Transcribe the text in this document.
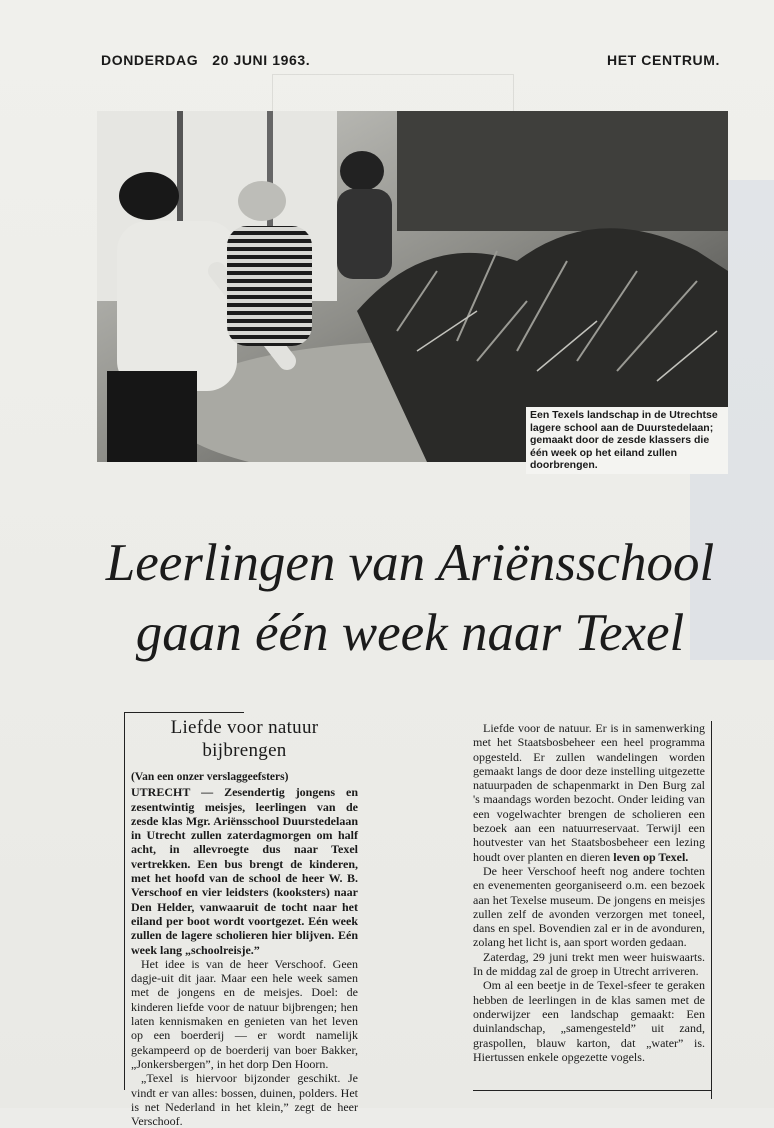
DONDERDAG 20 JUNI 1963.	HET CENTRUM.
Een Texels landschap in de Utrechtse lagere school aan de Duurstedelaan; gemaakt door de zesde klassers die één week op het eiland zullen doorbrengen.
Leerlingen van Ariënsschool
gaan één week naar Texel
Liefde voor natuur
bijbrengen

(Van een onzer verslaggeefsters)

UTRECHT — Zesendertig jongens en zesentwintig meisjes, leerlingen van de zesde klas Mgr. Ariënsschool Duurstedelaan in Utrecht zullen zaterdagmorgen om half acht, in allevroegte dus naar Texel vertrekken. Een bus brengt de kinderen, met het hoofd van de school de heer W. B. Verschoof en vier leidsters (kooksters) naar Den Helder, vanwaaruit de tocht naar het eiland per boot wordt voortgezet. Eén week zullen de lagere scholieren hier blijven. Eén week lang „schoolreisje.”

Het idee is van de heer Verschoof. Geen dagje-uit dit jaar. Maar een hele week samen met de jongens en de meisjes. Doel: de kinderen liefde voor de natuur bijbrengen; hen laten kennismaken en genieten van het leven op een boerderij — er wordt namelijk gekampeerd op de boerderij van boer Bakker, „Jonkersbergen”, in het dorp Den Hoorn.

„Texel is hiervoor bijzonder geschikt. Je vindt er van alles: bossen, duinen, polders. Het is net Nederland in het klein,” zegt de heer Verschoof.

Liefde voor de natuur. Er is in samenwerking met het Staatsbosbeheer een heel programma opgesteld. Er zullen wandelingen worden gemaakt langs de door deze instelling uitgezette natuurpaden de schapenmarkt in Den Burg zal 's maandags worden bezocht. Onder leiding van een vogelwachter brengen de scholieren een bezoek aan een natuurreservaat. Terwijl een houtvester van het Staatsbosbeheer een lezing houdt over planten en dieren leven op Texel.

De heer Verschoof heeft nog andere tochten en evenementen georganiseerd o.m. een bezoek aan het Texelse museum. De jongens en meisjes zullen zelf de avonden verzorgen met toneel, dans en spel. Bovendien zal er in de avonduren, zolang het licht is, aan sport worden gedaan.

Zaterdag, 29 juni trekt men weer huiswaarts. In de middag zal de groep in Utrecht arriveren.

Om al een beetje in de Texel-sfeer te geraken hebben de leerlingen in de klas samen met de onderwijzer een landschap gemaakt: Een duinlandschap, „samengesteld” uit zand, graspollen, blauw karton, dat „water” is. Hiertussen enkele opgezette vogels.
